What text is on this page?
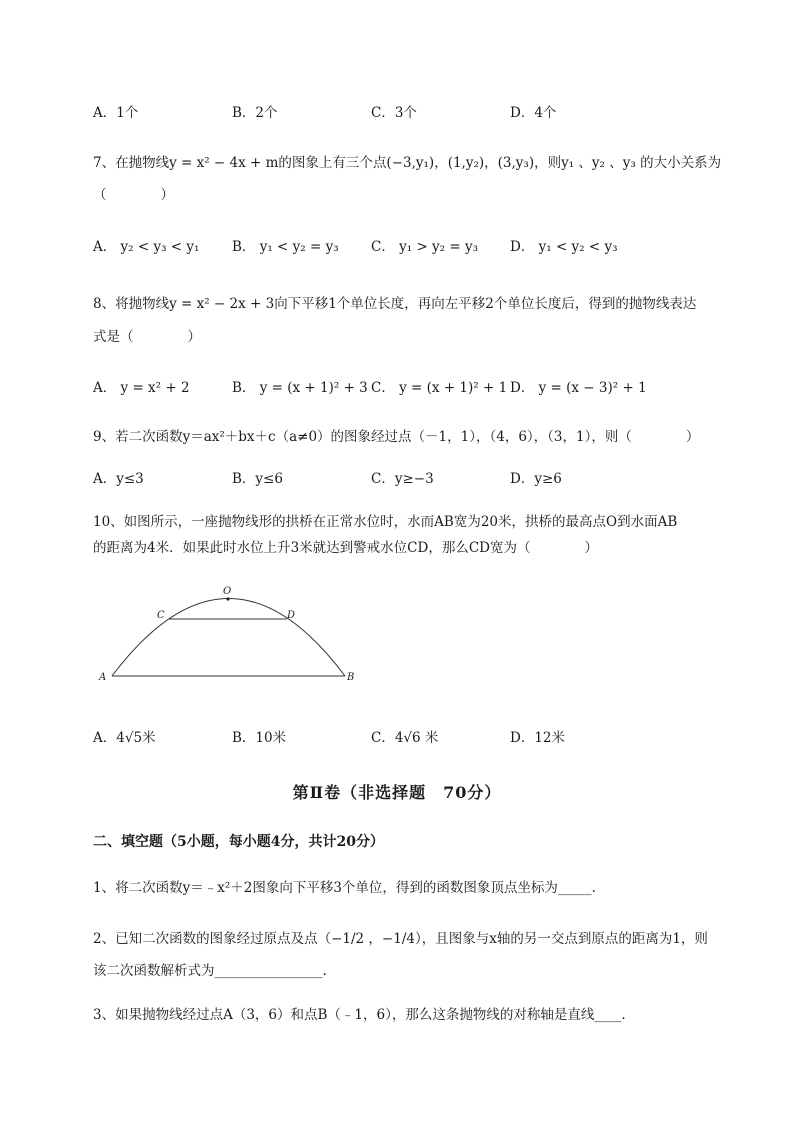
A．1个	B．2个	C．3个	D．4个
7、在抛物线y = x² − 4x + m的图象上有三个点(−3,y₁)，(1,y₂)，(3,y₃)，则y₁ 、y₂ 、y₃ 的大小关系为
（　　　　）
A． y₂ < y₃ < y₁ B． y₁ < y₂ = y₃ C． y₁ > y₂ = y₃ D． y₁ < y₂ < y₃
8、将抛物线y = x² − 2x + 3向下平移1个单位长度，再向左平移2个单位长度后，得到的抛物线表达
式是（　　　　）
A． y = x² + 2	B． y = (x + 1)² + 3 C． y = (x + 1)² + 1 D． y = (x − 3)² + 1
9、若二次函数y＝ax²＋bx＋c（a≠0）的图象经过点（－1，1），（4，6），（3，1），则（　　　　）
A．y≤3	B．y≤6	C．y≥−3	D．y≥6
10、如图所示，一座抛物线形的拱桥在正常水位时，水而AB宽为20米，拱桥的最高点O到水面AB
的距离为4米．如果此时水位上升3米就达到警戒水位CD，那么CD宽为（　　　　）
O
C	D
A	B
A．4√5米	B．10米	C．4√6 米	D．12米
第Ⅱ卷（非选择题　70分）
二、填空题（5小题，每小题4分，共计20分）
1、将二次函数y＝﹣x²＋2图象向下平移3个单位，得到的函数图象顶点坐标为_____.
2、已知二次函数的图象经过原点及点（−1/2 ，−1/4），且图象与x轴的另一交点到原点的距离为1，则
该二次函数解析式为________________.
3、如果抛物线经过点A（3，6）和点B（﹣1，6），那么这条抛物线的对称轴是直线____.
